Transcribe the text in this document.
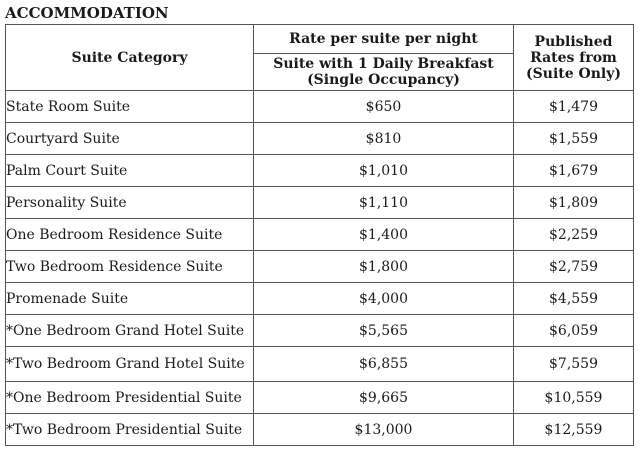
ACCOMMODATION
Suite Category	Rate per suite per night	Published Rates from (Suite Only)
	Suite with 1 Daily Breakfast (Single Occupancy)	
State Room Suite	$650	$1,479
Courtyard Suite	$810	$1,559
Palm Court Suite	$1,010	$1,679
Personality Suite	$1,110	$1,809
One Bedroom Residence Suite	$1,400	$2,259
Two Bedroom Residence Suite	$1,800	$2,759
Promenade Suite	$4,000	$4,559
*One Bedroom Grand Hotel Suite	$5,565	$6,059
*Two Bedroom Grand Hotel Suite	$6,855	$7,559
*One Bedroom Presidential Suite	$9,665	$10,559
*Two Bedroom Presidential Suite	$13,000	$12,559
